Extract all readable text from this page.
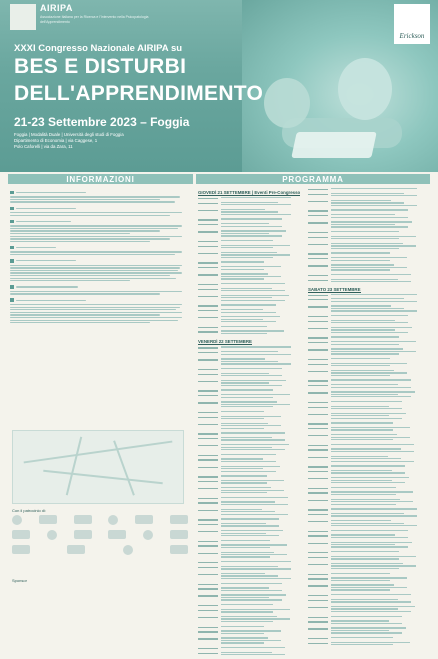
AIRIPA
Associazione Italiana per la Ricerca e l'Intervento nella Psicopatologia dell'Apprendimento
Erickson
XXXI Congresso Nazionale AIRIPA su
BES E DISTURBI
DELL'APPRENDIMENTO
21-23 Settembre 2023 – Foggia
Foggia | Modalità Duale | Università degli studi di Foggia
Dipartimento di Economia | via Caggese, 1
Polo Caforelli | via da Zara, 11
INFORMAZIONI	PROGRAMMA
Con il patrocinio di:
Sponsor
GIOVEDÌ 21 SETTEMBRE | Eventi Pre-Congresso
VENERDÌ 22 SETTEMBRE
SABATO 23 SETTEMBRE
